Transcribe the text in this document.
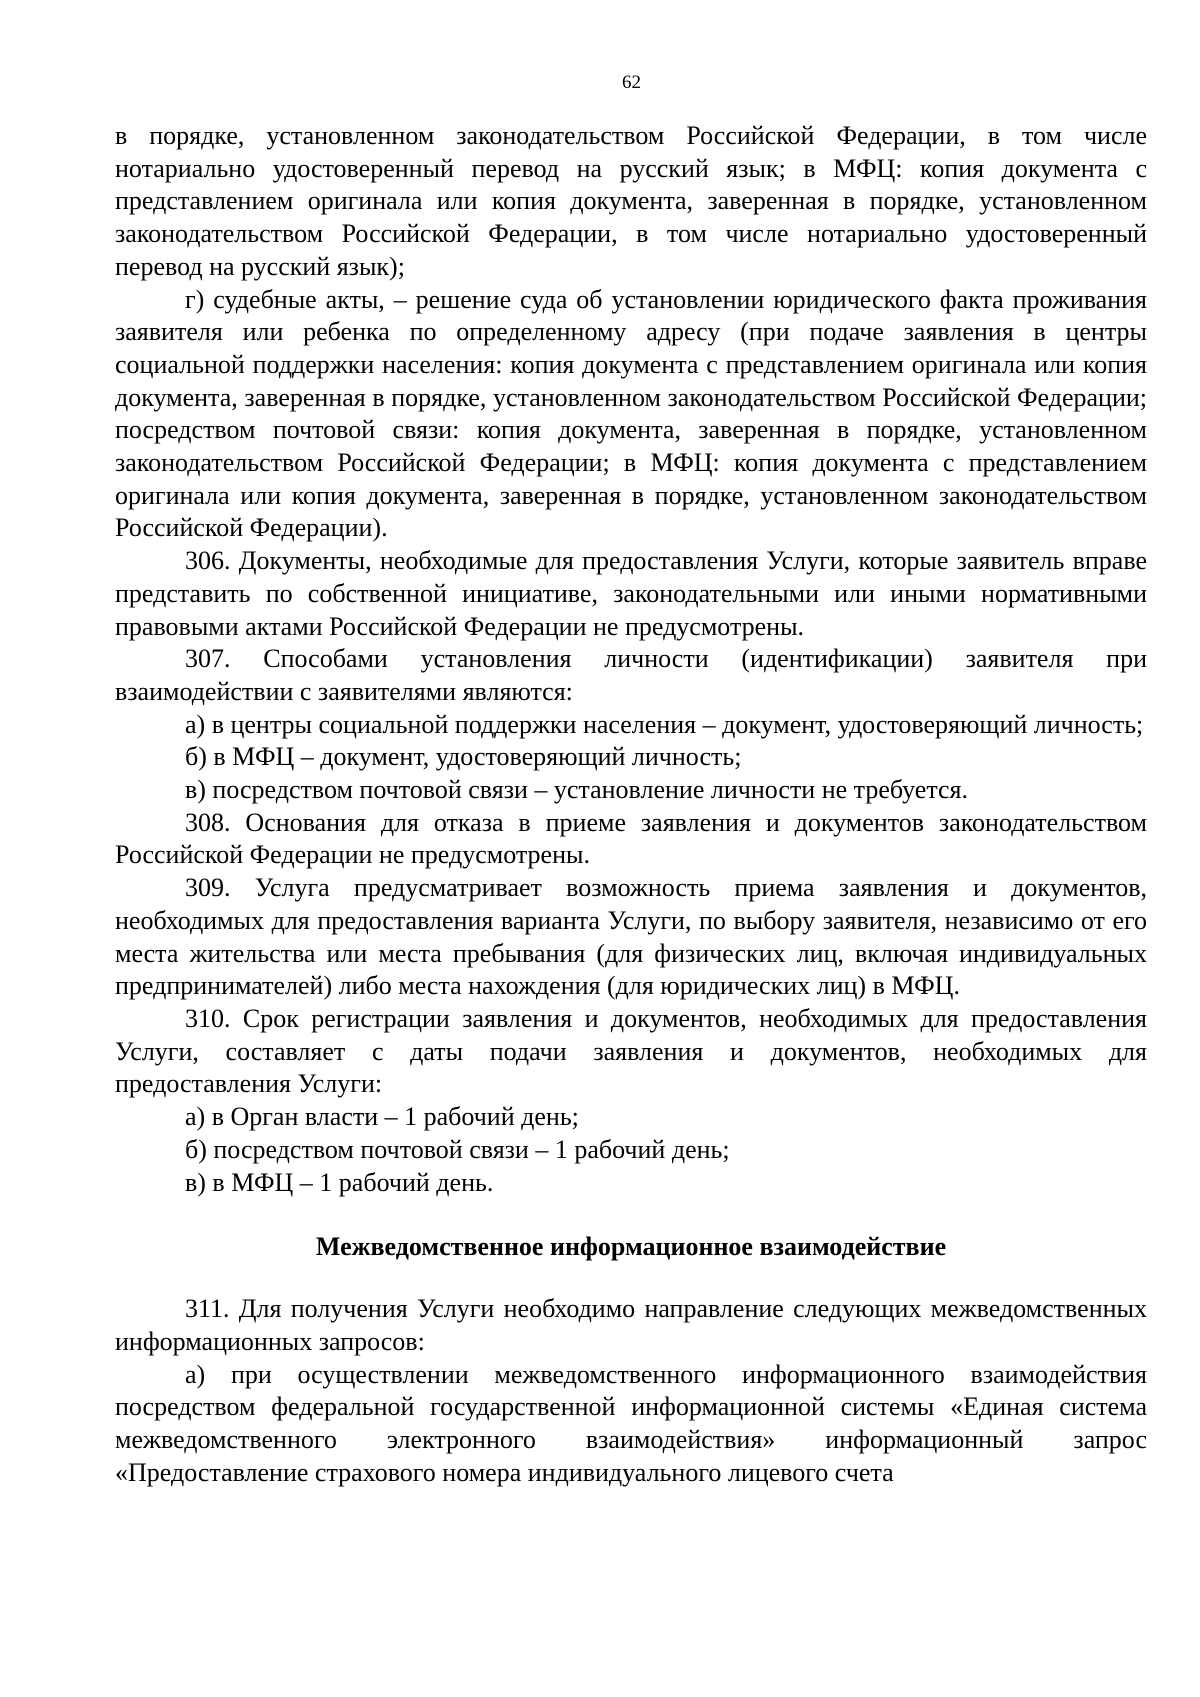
62

в порядке, установленном законодательством Российской Федерации, в том числе нотариально удостоверенный перевод на русский язык; в МФЦ: копия документа с представлением оригинала или копия документа, заверенная в порядке, установленном законодательством Российской Федерации, в том числе нотариально удостоверенный перевод на русский язык);

г) судебные акты, – решение суда об установлении юридического факта проживания заявителя или ребенка по определенному адресу (при подаче заявления в центры социальной поддержки населения: копия документа с представлением оригинала или копия документа, заверенная в порядке, установленном законодательством Российской Федерации; посредством почтовой связи: копия документа, заверенная в порядке, установленном законодательством Российской Федерации; в МФЦ: копия документа с представлением оригинала или копия документа, заверенная в порядке, установленном законодательством Российской Федерации).

306. Документы, необходимые для предоставления Услуги, которые заявитель вправе представить по собственной инициативе, законодательными или иными нормативными правовыми актами Российской Федерации не предусмотрены.

307. Способами установления личности (идентификации) заявителя при взаимодействии с заявителями являются:

а) в центры социальной поддержки населения – документ, удостоверяющий личность;

б) в МФЦ – документ, удостоверяющий личность;

в) посредством почтовой связи – установление личности не требуется.

308. Основания для отказа в приеме заявления и документов законодательством Российской Федерации не предусмотрены.

309. Услуга предусматривает возможность приема заявления и документов, необходимых для предоставления варианта Услуги, по выбору заявителя, независимо от его места жительства или места пребывания (для физических лиц, включая индивидуальных предпринимателей) либо места нахождения (для юридических лиц) в МФЦ.

310. Срок регистрации заявления и документов, необходимых для предоставления Услуги, составляет с даты подачи заявления и документов, необходимых для предоставления Услуги:

а) в Орган власти – 1 рабочий день;

б) посредством почтовой связи – 1 рабочий день;

в) в МФЦ – 1 рабочий день.

Межведомственное информационное взаимодействие

311. Для получения Услуги необходимо направление следующих межведомственных информационных запросов:

а) при осуществлении межведомственного информационного взаимодействия посредством федеральной государственной информационной системы «Единая система межведомственного электронного взаимодействия» информационный запрос «Предоставление страхового номера индивидуального лицевого счета
